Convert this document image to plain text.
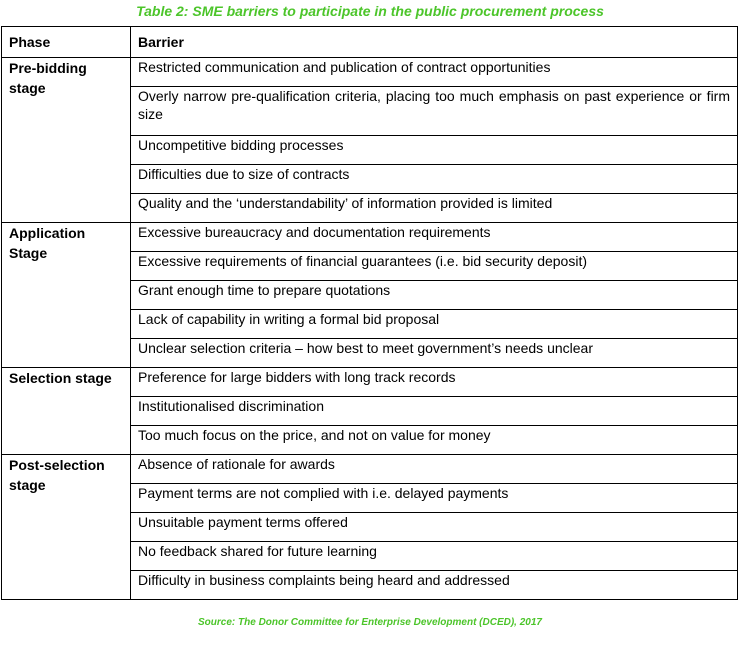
Table 2: SME barriers to participate in the public procurement process
Phase	Barrier
Pre-bidding stage	Restricted communication and publication of contract opportunities
	Overly narrow pre-qualification criteria, placing too much emphasis on past experience or firm size
	Uncompetitive bidding processes
	Difficulties due to size of contracts
	Quality and the ‘understandability’ of information provided is limited
Application Stage	Excessive bureaucracy and documentation requirements
	Excessive requirements of financial guarantees (i.e. bid security deposit)
	Grant enough time to prepare quotations
	Lack of capability in writing a formal bid proposal
	Unclear selection criteria – how best to meet government’s needs unclear
Selection stage	Preference for large bidders with long track records
	Institutionalised discrimination
	Too much focus on the price, and not on value for money
Post-selection stage	Absence of rationale for awards
	Payment terms are not complied with i.e. delayed payments
	Unsuitable payment terms offered
	No feedback shared for future learning
	Difficulty in business complaints being heard and addressed
Source: The Donor Committee for Enterprise Development (DCED), 2017
